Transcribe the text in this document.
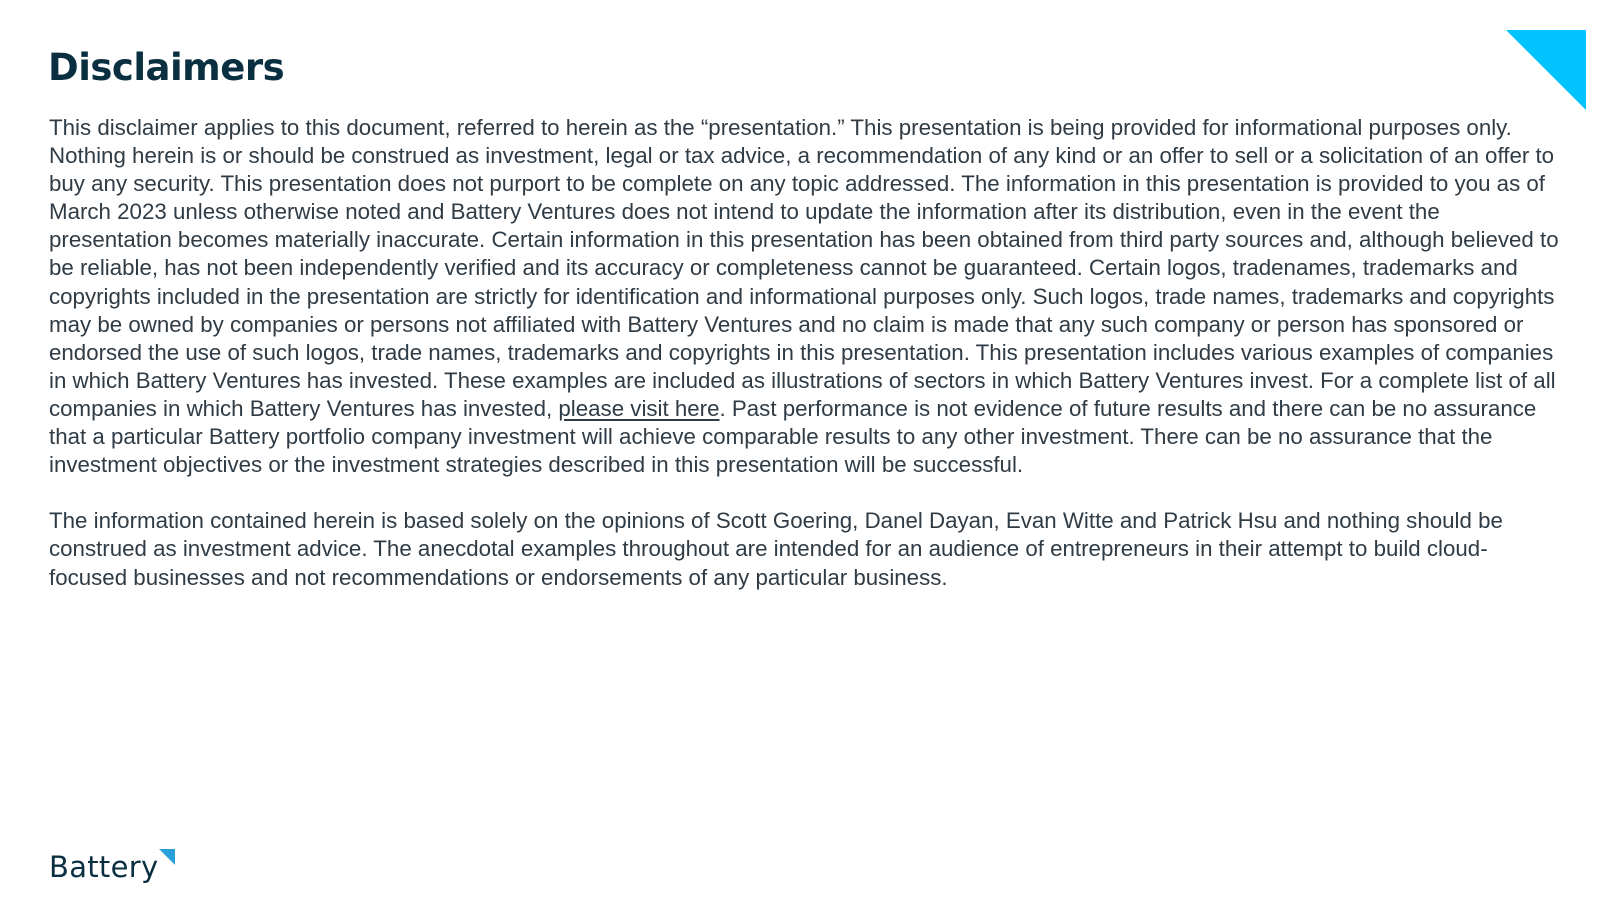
Disclaimers

This disclaimer applies to this document, referred to herein as the “presentation.” This presentation is being provided for informational purposes only. Nothing herein is or should be construed as investment, legal or tax advice, a recommendation of any kind or an offer to sell or a solicitation of an offer to buy any security. This presentation does not purport to be complete on any topic addressed. The information in this presentation is provided to you as of March 2023 unless otherwise noted and Battery Ventures does not intend to update the information after its distribution, even in the event the presentation becomes materially inaccurate. Certain information in this presentation has been obtained from third party sources and, although believed to be reliable, has not been independently verified and its accuracy or completeness cannot be guaranteed. Certain logos, tradenames, trademarks and copyrights included in the presentation are strictly for identification and informational purposes only. Such logos, trade names, trademarks and copyrights may be owned by companies or persons not affiliated with Battery Ventures and no claim is made that any such company or person has sponsored or endorsed the use of such logos, trade names, trademarks and copyrights in this presentation. This presentation includes various examples of companies in which Battery Ventures has invested. These examples are included as illustrations of sectors in which Battery Ventures invest. For a complete list of all companies in which Battery Ventures has invested, please visit here. Past performance is not evidence of future results and there can be no assurance that a particular Battery portfolio company investment will achieve comparable results to any other investment. There can be no assurance that the investment objectives or the investment strategies described in this presentation will be successful.

The information contained herein is based solely on the opinions of Scott Goering, Danel Dayan, Evan Witte and Patrick Hsu and nothing should be construed as investment advice. The anecdotal examples throughout are intended for an audience of entrepreneurs in their attempt to build cloud-focused businesses and not recommendations or endorsements of any particular business.

Battery
